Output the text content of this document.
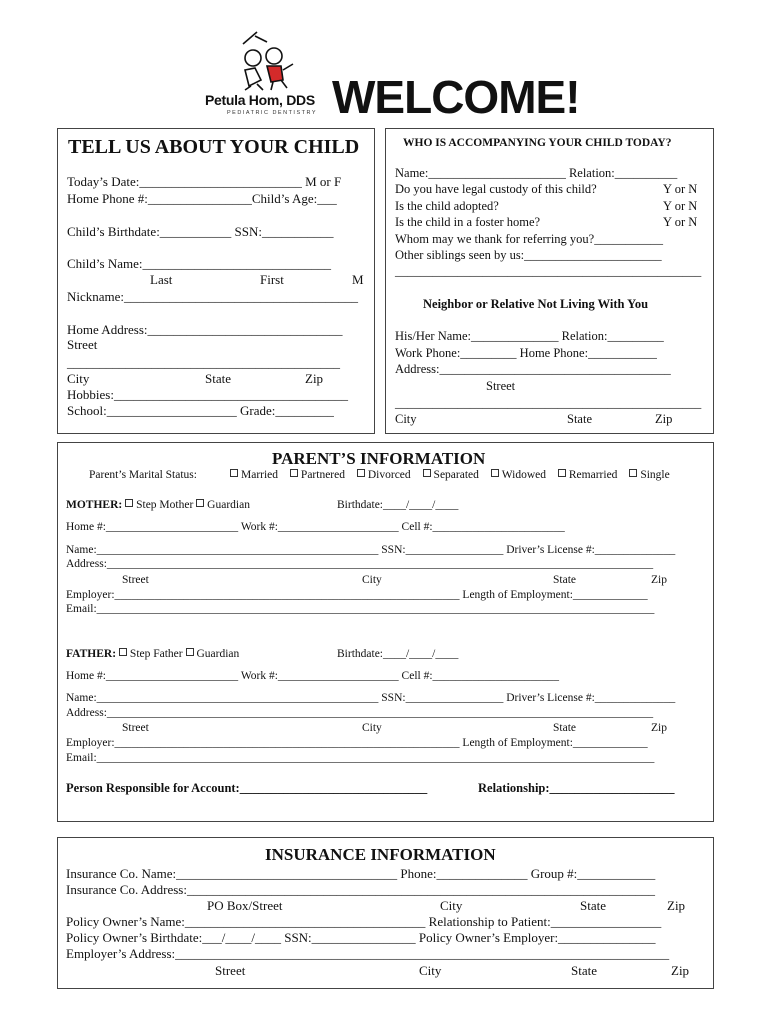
Petula Hom, DDS
PEDIATRIC DENTISTRY WELCOME!
TELL US ABOUT YOUR CHILD
Today’s Date:_________________________ M or F
Home Phone #:________________Child’s Age:___
Child’s Birthdate:___________ SSN:___________
Child’s Name:_____________________________
Last	First	M
Nickname:____________________________________
Home Address:______________________________
Street
__________________________________________
City	State	Zip
Hobbies:____________________________________
School:____________________ Grade:_________
WHO IS ACCOMPANYING YOUR CHILD TODAY?
Name:______________________ Relation:__________
Do you have legal custody of this child?	Y or N
Is the child adopted?	Y or N
Is the child in a foster home?	Y or N
Whom may we thank for referring you?___________
Other siblings seen by us:______________________
_________________________________________________
Neighbor or Relative Not Living With You
His/Her Name:______________ Relation:_________
Work Phone:_________ Home Phone:___________
Address:_____________________________________
Street
_________________________________________________
City	State	Zip
PARENT’S INFORMATION
Parent’s Marital Status:	Married Partnered Divorced Separated Widowed Remarried Single
MOTHER: Step Mother Guardian	Birthdate:____/____/____
Home #:_______________________ Work #:_____________________ Cell #:_______________________
Name:_________________________________________________ SSN:_________________ Driver’s License #:______________
Address:_______________________________________________________________________________________________
Street	City	State	Zip
Employer:____________________________________________________________ Length of Employment:_____________
Email:_________________________________________________________________________________________________
FATHER: Step Father Guardian	Birthdate:____/____/____
Home #:_______________________ Work #:_____________________ Cell #:______________________
Name:_________________________________________________ SSN:_________________ Driver’s License #:______________
Address:_______________________________________________________________________________________________
Street	City	State	Zip
Employer:____________________________________________________________ Length of Employment:_____________
Email:_________________________________________________________________________________________________
Person Responsible for Account:______________________________	Relationship:____________________
INSURANCE INFORMATION
Insurance Co. Name:__________________________________ Phone:______________ Group #:____________
Insurance Co. Address:________________________________________________________________________
PO Box/Street	City	State	Zip
Policy Owner’s Name:_____________________________________ Relationship to Patient:_________________
Policy Owner’s Birthdate:___/____/____ SSN:________________ Policy Owner’s Employer:_______________
Employer’s Address:____________________________________________________________________________
Street	City	State	Zip
